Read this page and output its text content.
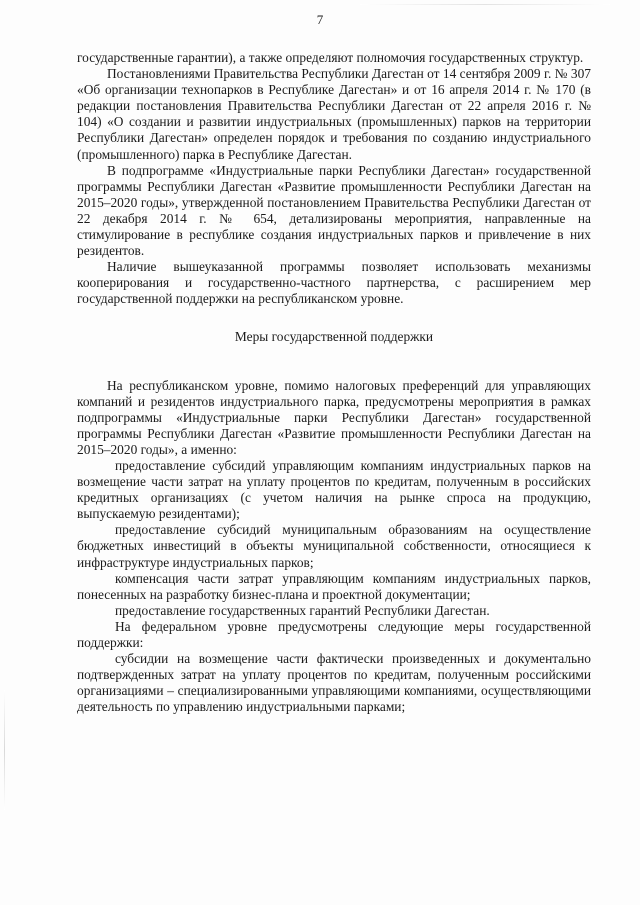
7

государственные гарантии), а также определяют полномочия государственных структур.

Постановлениями Правительства Республики Дагестан от 14 сентября 2009 г. № 307 «Об организации технопарков в Республике Дагестан» и от 16 апреля 2014 г. № 170 (в редакции постановления Правительства Республики Дагестан от 22 апреля 2016 г. № 104) «О создании и развитии индустриальных (промышленных) парков на территории Республики Дагестан» определен порядок и требования по созданию индустриального (промышленного) парка в Республике Дагестан.

В подпрограмме «Индустриальные парки Республики Дагестан» государственной программы Республики Дагестан «Развитие промышленности Республики Дагестан на 2015–2020 годы», утвержденной постановлением Правительства Республики Дагестан от 22 декабря 2014 г. № 654, детализированы мероприятия, направленные на стимулирование в республике создания индустриальных парков и привлечение в них резидентов.

Наличие вышеуказанной программы позволяет использовать механизмы кооперирования и государственно-частного партнерства, с расширением мер государственной поддержки на республиканском уровне.

Меры государственной поддержки

На республиканском уровне, помимо налоговых преференций для управляющих компаний и резидентов индустриального парка, предусмотрены мероприятия в рамках подпрограммы «Индустриальные парки Республики Дагестан» государственной программы Республики Дагестан «Развитие промышленности Республики Дагестан на 2015–2020 годы», а именно:

предоставление субсидий управляющим компаниям индустриальных парков на возмещение части затрат на уплату процентов по кредитам, полученным в российских кредитных организациях (с учетом наличия на рынке спроса на продукцию, выпускаемую резидентами);

предоставление субсидий муниципальным образованиям на осуществление бюджетных инвестиций в объекты муниципальной собственности, относящиеся к инфраструктуре индустриальных парков;

компенсация части затрат управляющим компаниям индустриальных парков, понесенных на разработку бизнес-плана и проектной документации;

предоставление государственных гарантий Республики Дагестан.

На федеральном уровне предусмотрены следующие меры государственной поддержки:

субсидии на возмещение части фактически произведенных и документально подтвержденных затрат на уплату процентов по кредитам, полученным российскими организациями – специализированными управляющими компаниями, осуществляющими деятельность по управлению индустриальными парками;
